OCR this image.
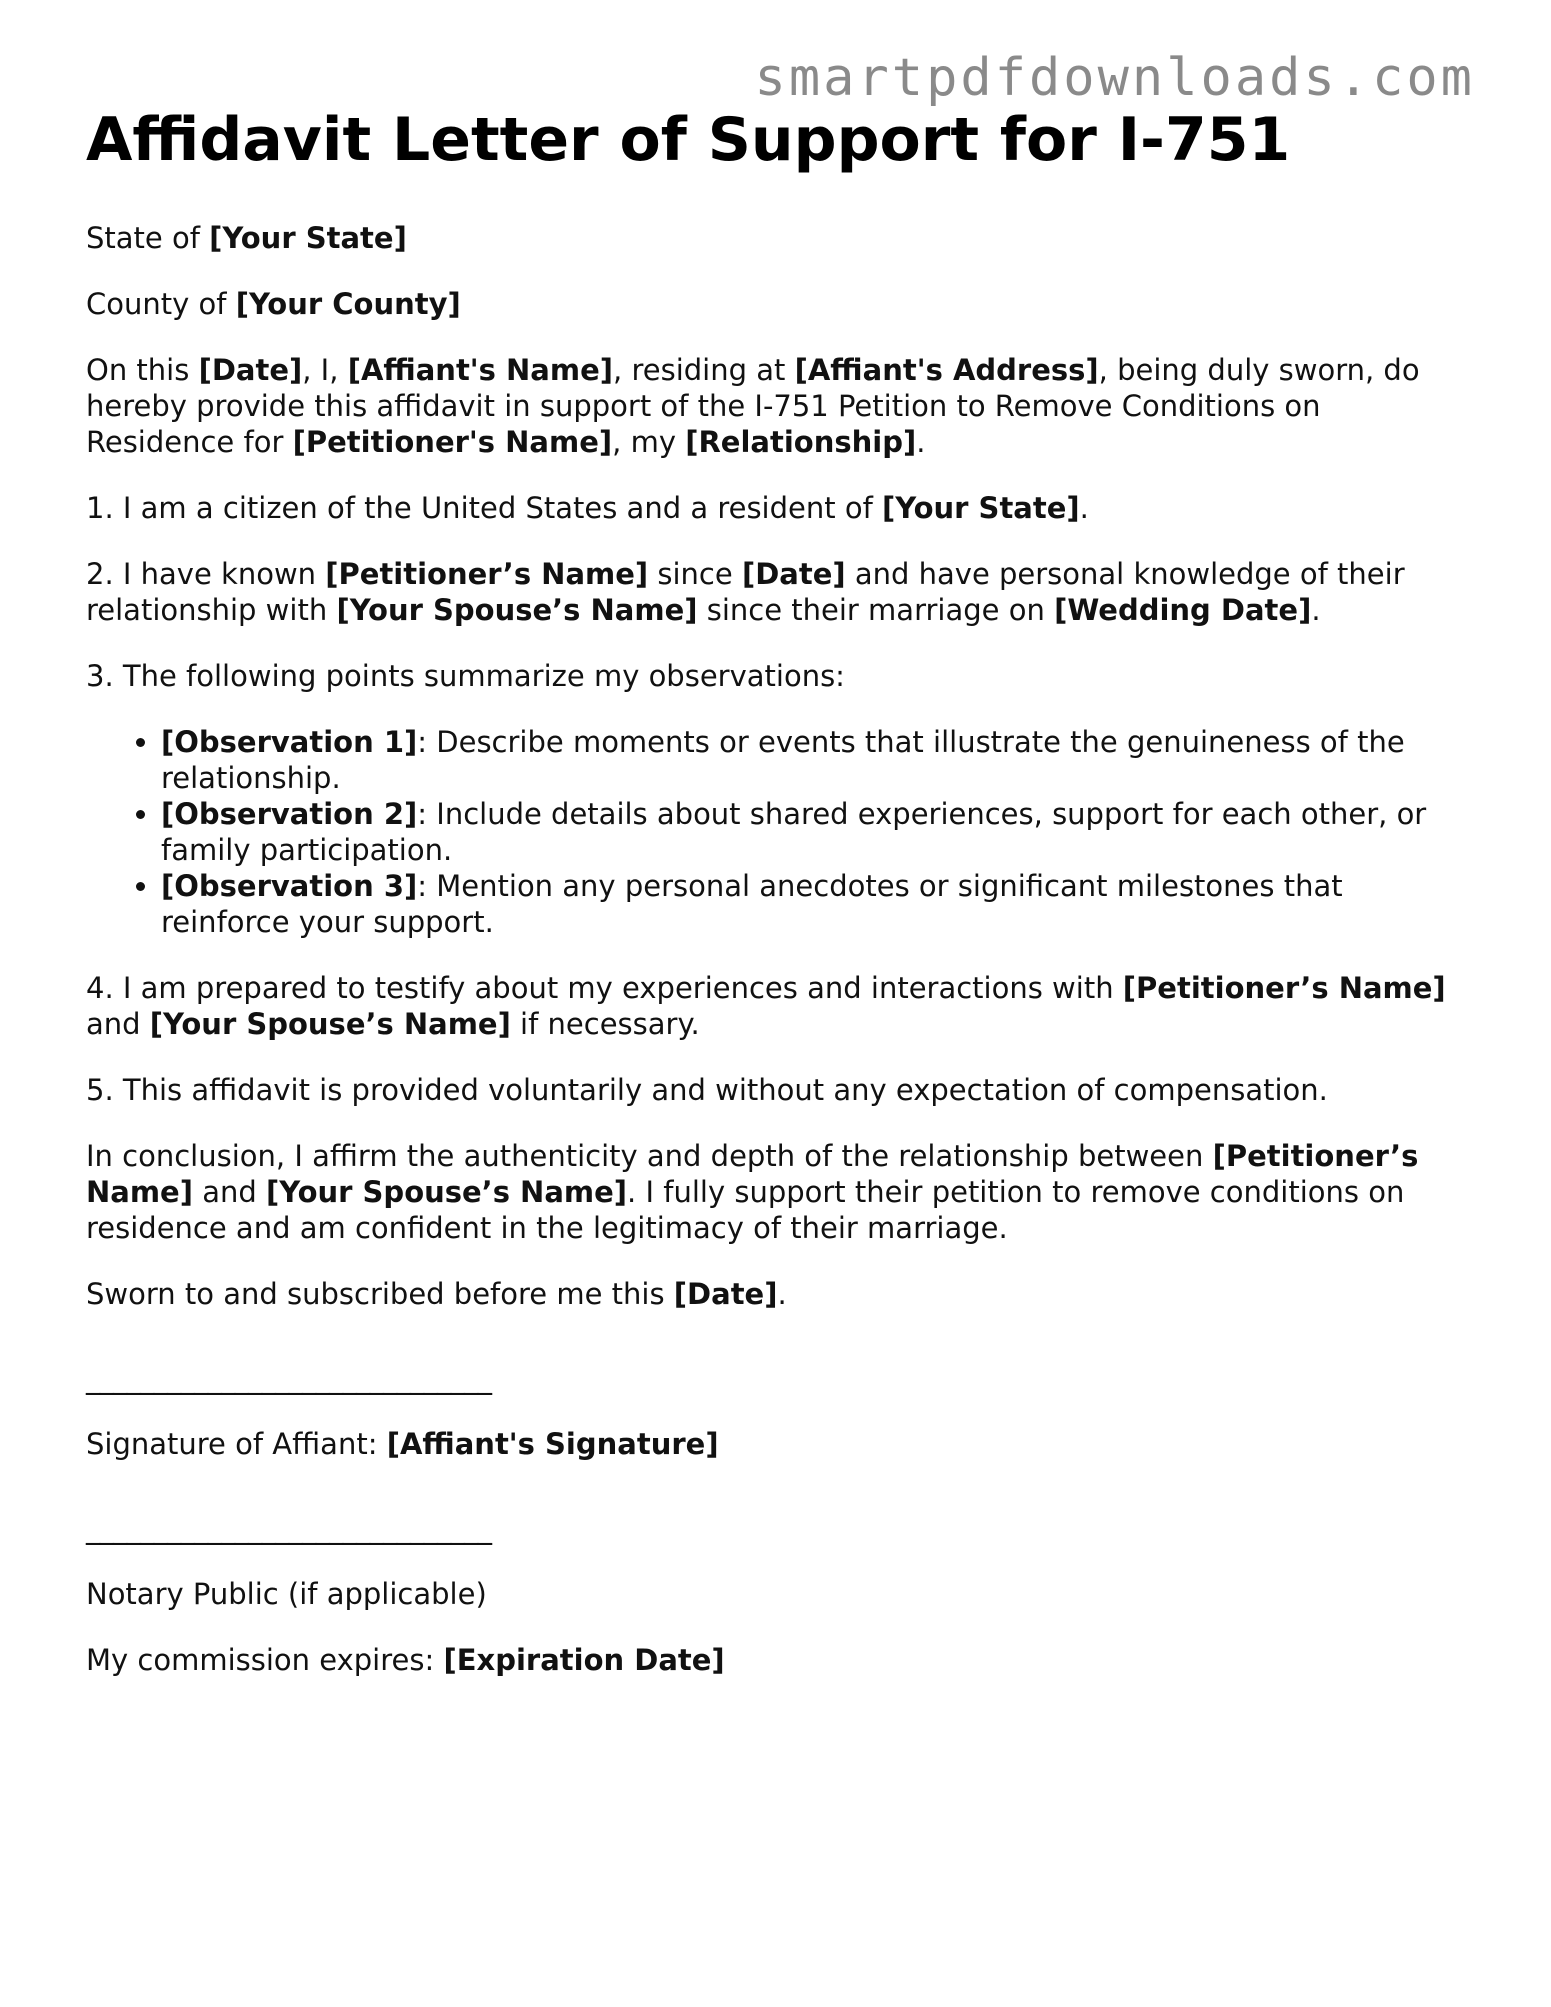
smartpdfdownloads.com
Affidavit Letter of Support for I-751

State of [Your State]

County of [Your County]

On this [Date], I, [Affiant's Name], residing at [Affiant's Address], being duly sworn, do hereby provide this affidavit in support of the I-751 Petition to Remove Conditions on Residence for [Petitioner's Name], my [Relationship].

1. I am a citizen of the United States and a resident of [Your State].

2. I have known [Petitioner’s Name] since [Date] and have personal knowledge of their relationship with [Your Spouse’s Name] since their marriage on [Wedding Date].

3. The following points summarize my observations:

• [Observation 1]: Describe moments or events that illustrate the genuineness of the relationship.
• [Observation 2]: Include details about shared experiences, support for each other, or family participation.
• [Observation 3]: Mention any personal anecdotes or significant milestones that reinforce your support.

4. I am prepared to testify about my experiences and interactions with [Petitioner’s Name] and [Your Spouse’s Name] if necessary.

5. This affidavit is provided voluntarily and without any expectation of compensation.

In conclusion, I affirm the authenticity and depth of the relationship between [Petitioner’s Name] and [Your Spouse’s Name]. I fully support their petition to remove conditions on residence and am confident in the legitimacy of their marriage.

Sworn to and subscribed before me this [Date].

______________________________

Signature of Affiant: [Affiant's Signature]

______________________________

Notary Public (if applicable)

My commission expires: [Expiration Date]
